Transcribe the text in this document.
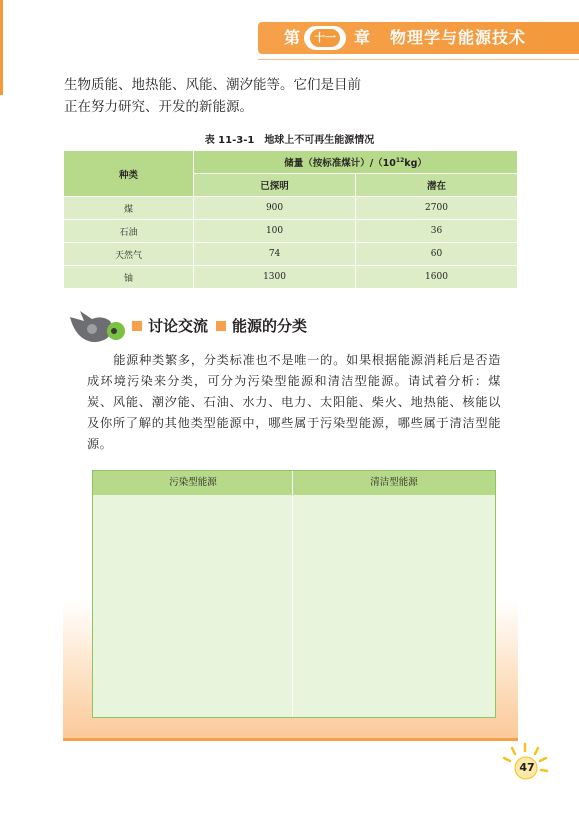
第	十一 章 物理学与能源技术
生物质能、地热能、风能、潮汐能等。它们是目前
正在努力研究、开发的新能源。
表 11-3-1 地球上不可再生能源情况
种类	储量（按标准煤计）$/(10^{12}kg)$	
	已探明	潜在
煤	900	2700
石油	100	36
天然气	74	60
铀	1300	1600
讨论交流 能源的分类
能源种类繁多，分类标准也不是唯一的。如果根据能源消耗后是否造成环境污染来分类，可分为污染型能源和清洁型能源。请试着分析：煤炭、风能、潮汐能、石油、水力、电力、太阳能、柴火、地热能、核能以及你所了解的其他类型能源中，哪些属于污染型能源，哪些属于清洁型能源。
污染型能源	清洁型能源
47
